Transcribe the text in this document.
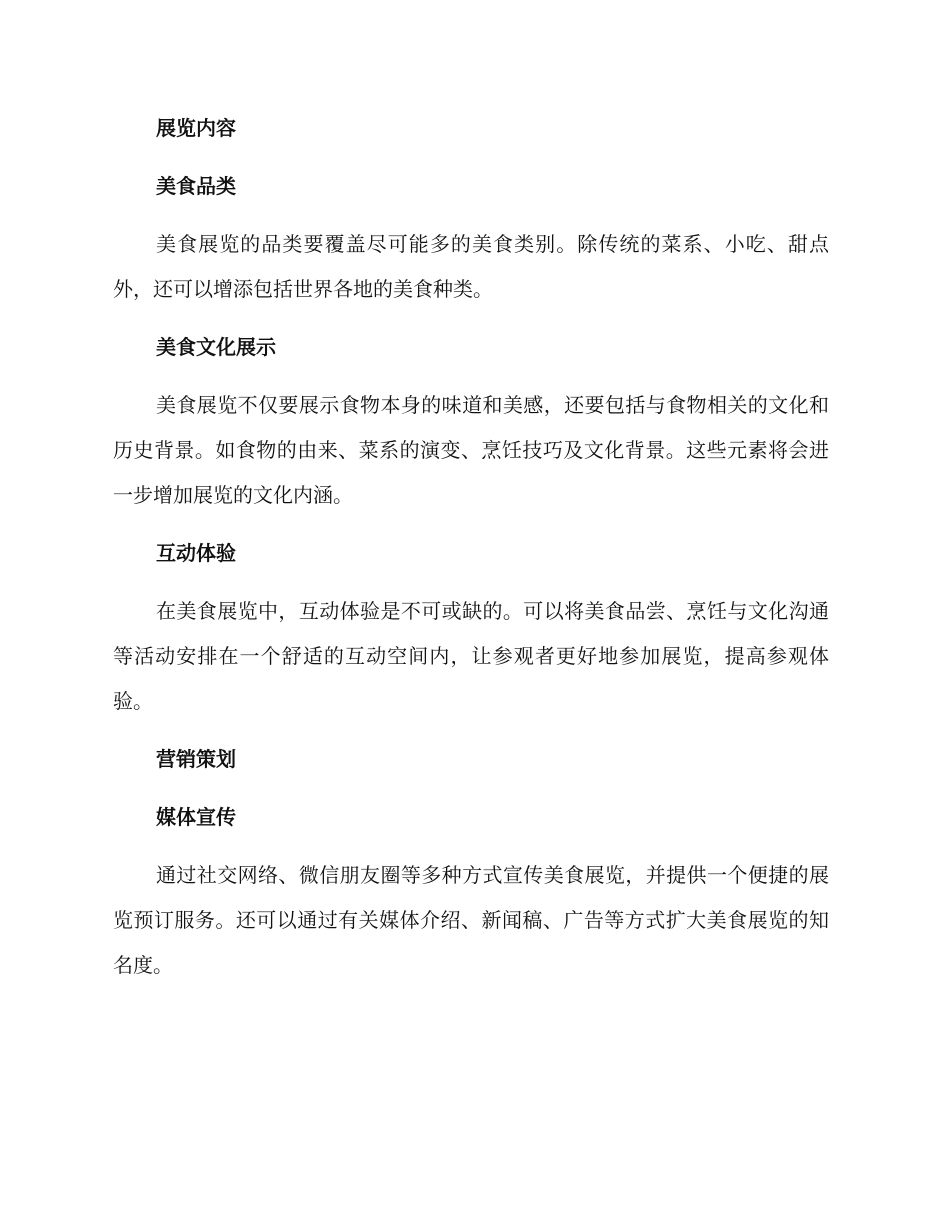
展览内容
美食品类
美食展览的品类要覆盖尽可能多的美食类别。除传统的菜系、小吃、甜点外，还可以增添包括世界各地的美食种类。
美食文化展示
美食展览不仅要展示食物本身的味道和美感，还要包括与食物相关的文化和历史背景。如食物的由来、菜系的演变、烹饪技巧及文化背景。这些元素将会进一步增加展览的文化内涵。
互动体验
在美食展览中，互动体验是不可或缺的。可以将美食品尝、烹饪与文化沟通等活动安排在一个舒适的互动空间内，让参观者更好地参加展览，提高参观体验。
营销策划
媒体宣传
通过社交网络、微信朋友圈等多种方式宣传美食展览，并提供一个便捷的展览预订服务。还可以通过有关媒体介绍、新闻稿、广告等方式扩大美食展览的知名度。
